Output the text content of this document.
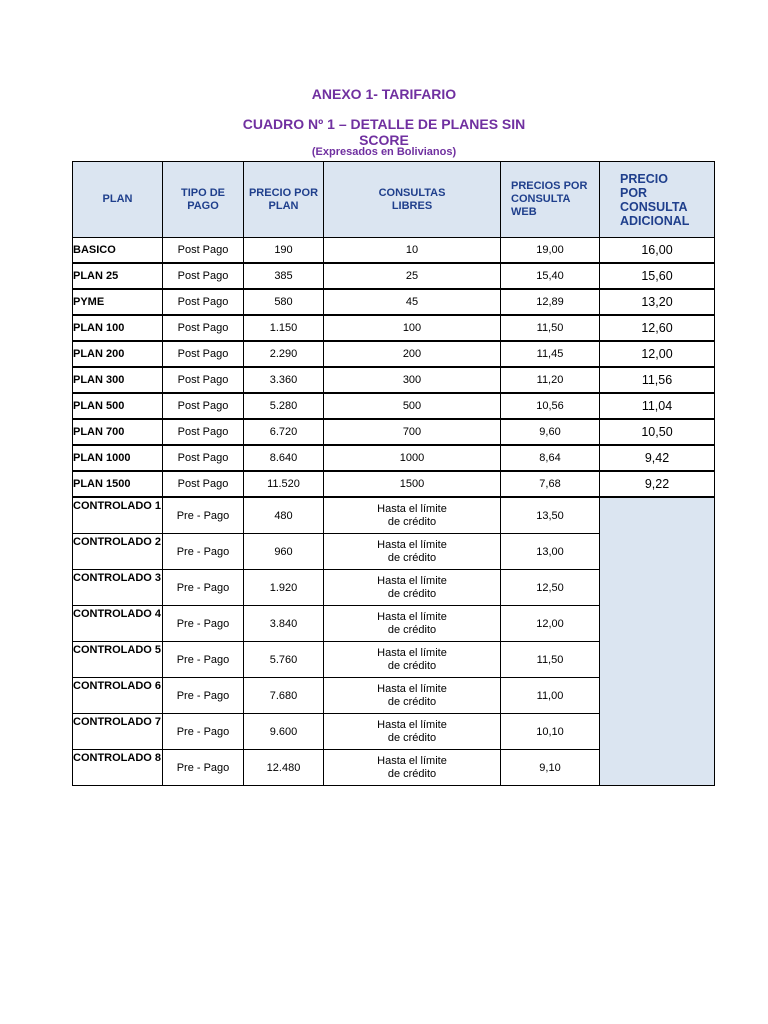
ANEXO 1- TARIFARIO
CUADRO Nº 1 – DETALLE DE PLANES SIN
SCORE
(Expresados en Bolivianos)
PLAN	TIPO DE PAGO	PRECIO POR PLAN	CONSULTAS LIBRES	PRECIOS POR CONSULTA WEB	PRECIO POR CONSULTA ADICIONAL
BASICO	Post Pago	190	10	19,00	16,00
PLAN 25	Post Pago	385	25	15,40	15,60
PYME	Post Pago	580	45	12,89	13,20
PLAN 100	Post Pago	1.150	100	11,50	12,60
PLAN 200	Post Pago	2.290	200	11,45	12,00
PLAN 300	Post Pago	3.360	300	11,20	11,56
PLAN 500	Post Pago	5.280	500	10,56	11,04
PLAN 700	Post Pago	6.720	700	9,60	10,50
PLAN 1000	Post Pago	8.640	1000	8,64	9,42
PLAN 1500	Post Pago	11.520	1500	7,68	9,22
CONTROLADO 1	Pre - Pago	480	Hasta el límite
de crédito	13,50	
CONTROLADO 2	Pre - Pago	960	Hasta el límite
de crédito	13,00	
CONTROLADO 3	Pre - Pago	1.920	Hasta el límite
de crédito	12,50	
CONTROLADO 4	Pre - Pago	3.840	Hasta el límite
de crédito	12,00	
CONTROLADO 5	Pre - Pago	5.760	Hasta el límite
de crédito	11,50	
CONTROLADO 6	Pre - Pago	7.680	Hasta el límite
de crédito	11,00	
CONTROLADO 7	Pre - Pago	9.600	Hasta el límite
de crédito	10,10	
CONTROLADO 8	Pre - Pago	12.480	Hasta el límite
de crédito	9,10	
